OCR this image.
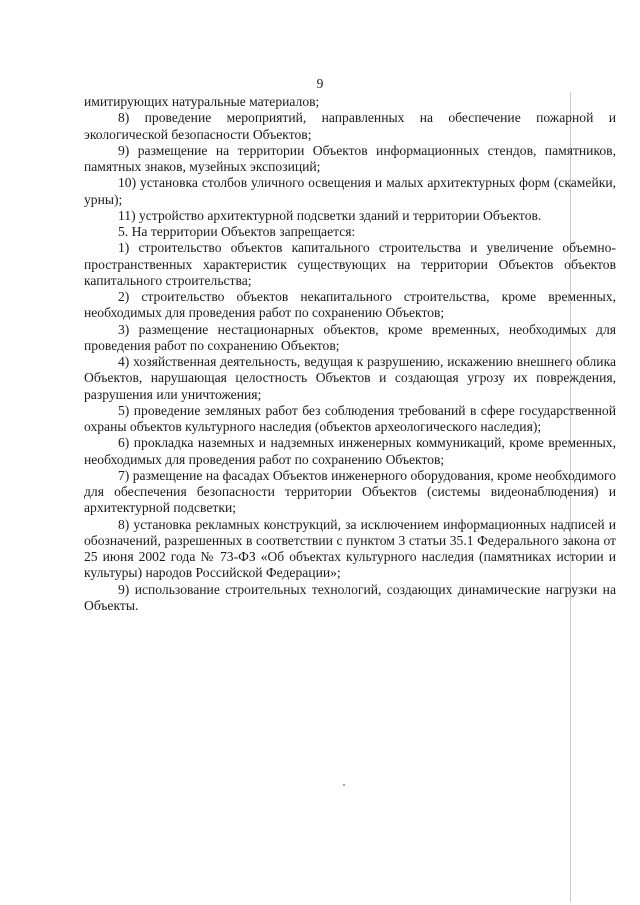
9

имитирующих натуральные материалов;

8) проведение мероприятий, направленных на обеспечение пожарной и экологической безопасности Объектов;

9) размещение на территории Объектов информационных стендов, памятников, памятных знаков, музейных экспозиций;

10) установка столбов уличного освещения и малых архитектурных форм (скамейки, урны);

11) устройство архитектурной подсветки зданий и территории Объектов.

5. На территории Объектов запрещается:

1) строительство объектов капитального строительства и увеличение объемно-пространственных характеристик существующих на территории Объектов объектов капитального строительства;

2) строительство объектов некапитального строительства, кроме временных, необходимых для проведения работ по сохранению Объектов;

3) размещение нестационарных объектов, кроме временных, необходимых для проведения работ по сохранению Объектов;

4) хозяйственная деятельность, ведущая к разрушению, искажению внешнего облика Объектов, нарушающая целостность Объектов и создающая угрозу их повреждения, разрушения или уничтожения;

5) проведение земляных работ без соблюдения требований в сфере государственной охраны объектов культурного наследия (объектов археологического наследия);

6) прокладка наземных и надземных инженерных коммуникаций, кроме временных, необходимых для проведения работ по сохранению Объектов;

7) размещение на фасадах Объектов инженерного оборудования, кроме необходимого для обеспечения безопасности территории Объектов (системы видеонаблюдения) и архитектурной подсветки;

8) установка рекламных конструкций, за исключением информационных надписей и обозначений, разрешенных в соответствии с пунктом 3 статьи 35.1 Федерального закона от 25 июня 2002 года № 73-ФЗ «Об объектах культурного наследия (памятниках истории и культуры) народов Российской Федерации»;

9) использование строительных технологий, создающих динамические нагрузки на Объекты.
